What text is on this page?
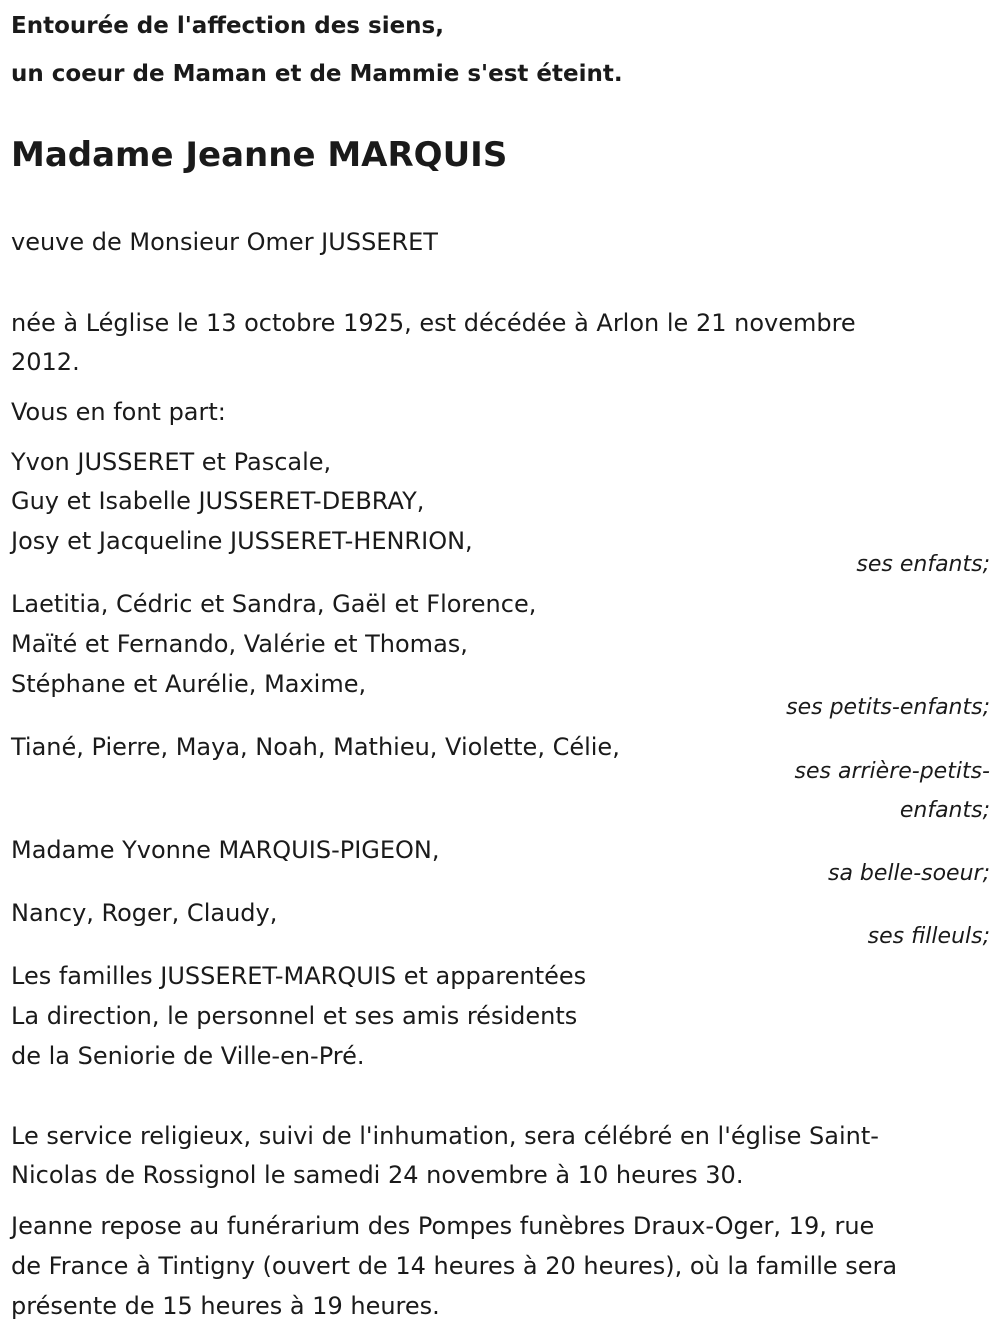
Entourée de l'affection des siens,
un coeur de Maman et de Mammie s'est éteint.
Madame Jeanne MARQUIS
veuve de Monsieur Omer JUSSERET
née à Léglise le 13 octobre 1925, est décédée à Arlon le 21 novembre
2012.
Vous en font part:
Yvon JUSSERET et Pascale,
Guy et Isabelle JUSSERET-DEBRAY,
Josy et Jacqueline JUSSERET-HENRION,
ses enfants;
Laetitia, Cédric et Sandra, Gaël et Florence,
Maïté et Fernando, Valérie et Thomas,
Stéphane et Aurélie, Maxime,
ses petits-enfants;
Tiané, Pierre, Maya, Noah, Mathieu, Violette, Célie,
ses arrière-petits-
enfants;
Madame Yvonne MARQUIS-PIGEON,
sa belle-soeur;
Nancy, Roger, Claudy,
ses filleuls;
Les familles JUSSERET-MARQUIS et apparentées
La direction, le personnel et ses amis résidents
de la Seniorie de Ville-en-Pré.
Le service religieux, suivi de l'inhumation, sera célébré en l'église Saint-
Nicolas de Rossignol le samedi 24 novembre à 10 heures 30.
Jeanne repose au funérarium des Pompes funèbres Draux-Oger, 19, rue
de France à Tintigny (ouvert de 14 heures à 20 heures), où la famille sera
présente de 15 heures à 19 heures.
